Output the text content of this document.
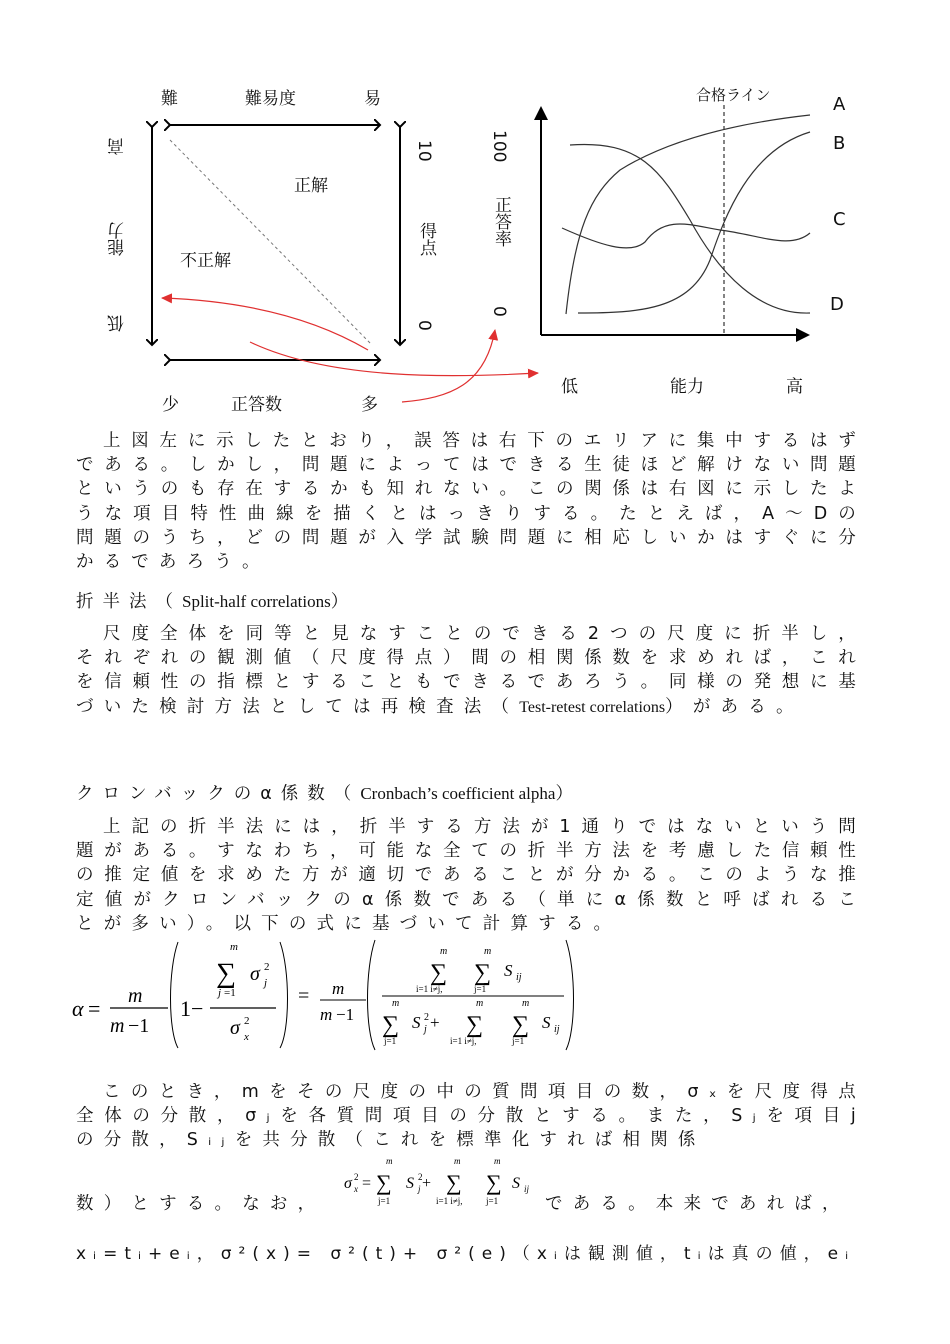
難	難易度	易
高
能力
低
10
得点
0
正解
不正解
少	正答数	多
合格ライン
100
正答率
0
低	能力	高
A
B
C
D
上図左に示したとおり，誤答は右下のエリアに集中するはずである。しかし，問題によってはできる生徒ほど解けない問題というのも存在するかも知れない。この関係は右図に示したような項目特性曲線を描くとはっきりする。たとえば，A～Dの問題のうち，どの問題が入学試験問題に相応しいかはすぐに分かるであろう。
折半法（Split-half correlations）
尺度全体を同等と見なすことのできる2つの尺度に折半し，それぞれの観測値（尺度得点）間の相関係数を求めれば，これを信頼性の指標とすることもできるであろう。同様の発想に基づいた検討方法としては再検査法（Test-retest correlations）がある。
クロンバックのα係数（Cronbach’s coefficient alpha）
上記の折半法には，折半する方法が1通りではないという問題がある。すなわち，可能な全ての折半方法を考慮した信頼性の推定値を求めた方が適切であることが分かる。このような推定値がクロンバックのα係数である（単にα係数と呼ばれることが多い）。以下の式に基づいて計算する。
α = m
m −1
1−
m
∑
j =1
σ 2
j
σ 2
x
= m
m −1
m
∑
i=1 i≠j,
m
∑
j=1
S ij
m
∑
j=1
S 2
j +
m
∑
i=1 i≠j,
m
∑
j=1
S ij
このとき，mをその尺度の中の質問項目の数，σₓを尺度得点全体の分散，σⱼを各質問項目の分散とする。また，Sⱼを項目jの分散，Sᵢⱼを共分散（これを標準化すれば相関係
数）とする。なお，
σ 2
x =
m
∑
j=1
S 2
j +
m
∑
i=1 i≠j,
m
∑
j=1
S ij
である。本来であれば，
xᵢ=tᵢ+eᵢ，σ²(x)= σ²(t)+ σ²(e)（xᵢは観測値，tᵢは真の値，eᵢ
